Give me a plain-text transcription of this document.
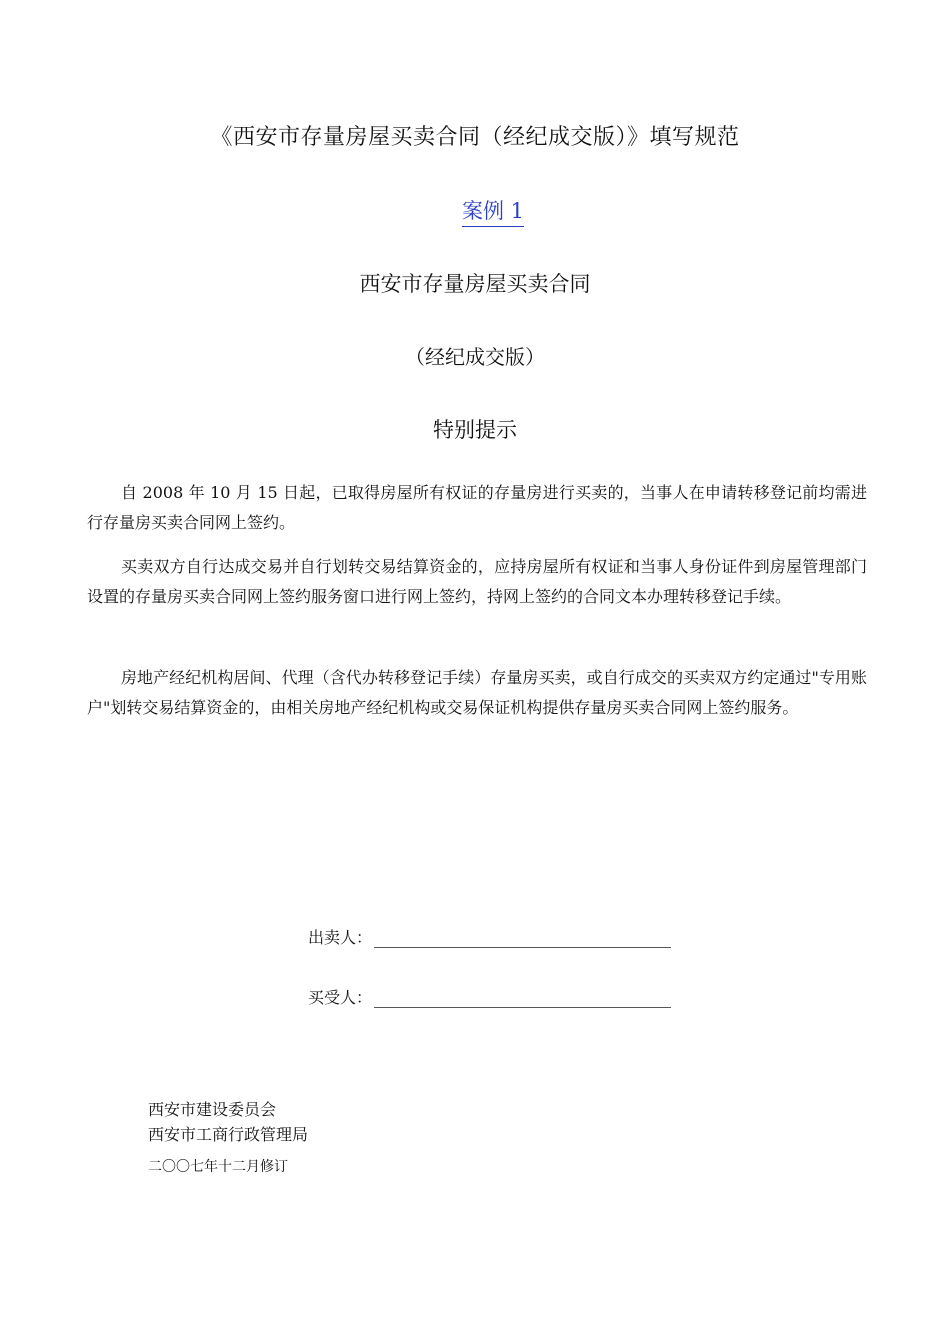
《西安市存量房屋买卖合同（经纪成交版）》填写规范
案例 1
西安市存量房屋买卖合同
（经纪成交版）
特别提示

自 2008 年 10 月 15 日起，已取得房屋所有权证的存量房进行买卖的，当事人在申请转移登记前均需进行存量房买卖合同网上签约。

买卖双方自行达成交易并自行划转交易结算资金的，应持房屋所有权证和当事人身份证件到房屋管理部门设置的存量房买卖合同网上签约服务窗口进行网上签约，持网上签约的合同文本办理转移登记手续。

房地产经纪机构居间、代理（含代办转移登记手续）存量房买卖，或自行成交的买卖双方约定通过"专用账户"划转交易结算资金的，由相关房地产经纪机构或交易保证机构提供存量房买卖合同网上签约服务。

出卖人：
买受人：
西安市建设委员会
西安市工商行政管理局
二〇〇七年十二月修订
